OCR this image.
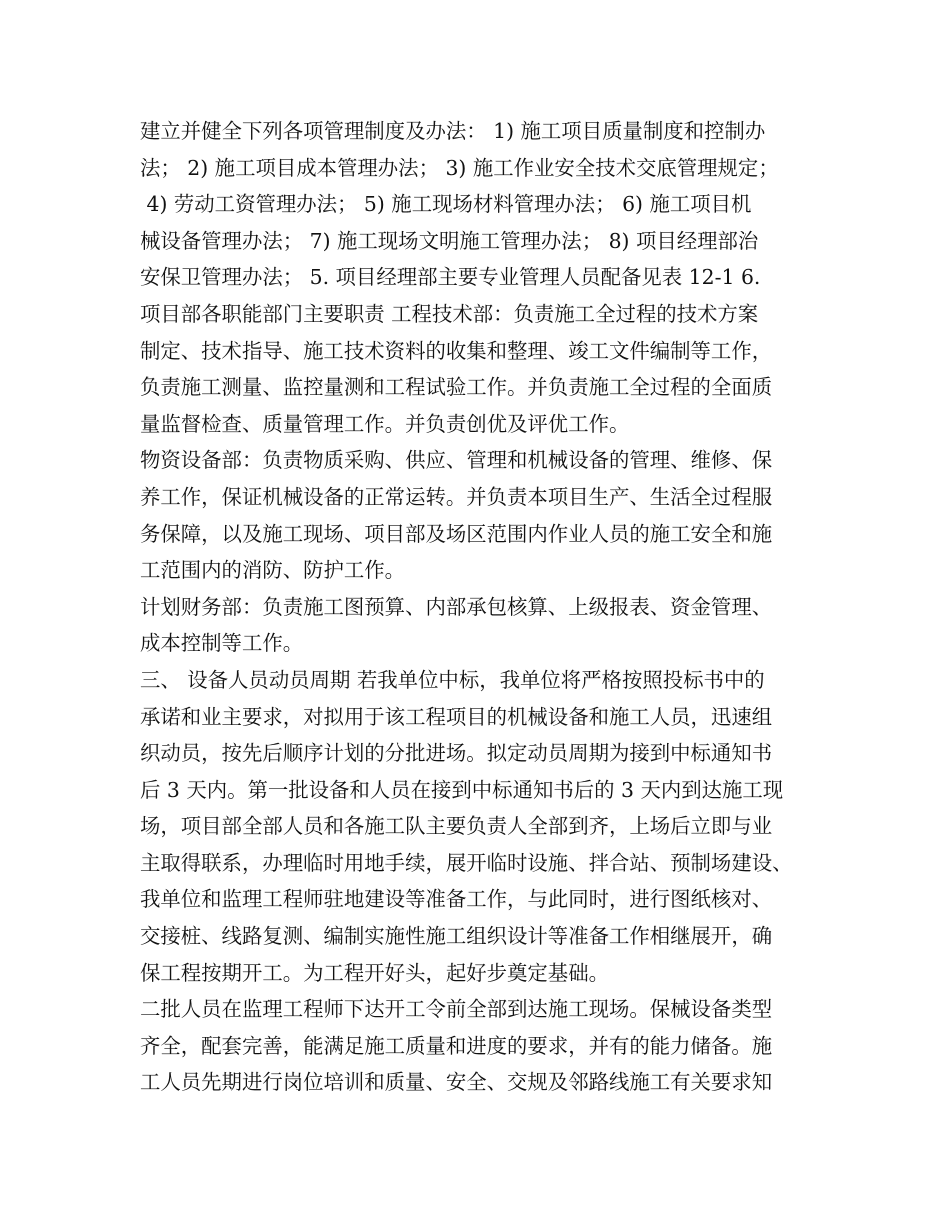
建立并健全下列各项管理制度及办法： 1) 施工项目质量制度和控制办
法； 2) 施工项目成本管理办法； 3) 施工作业安全技术交底管理规定；
4) 劳动工资管理办法； 5) 施工现场材料管理办法； 6) 施工项目机
械设备管理办法； 7) 施工现场文明施工管理办法； 8) 项目经理部治
安保卫管理办法； 5. 项目经理部主要专业管理人员配备见表 12-1 6.
项目部各职能部门主要职责 工程技术部：负责施工全过程的技术方案
制定、技术指导、施工技术资料的收集和整理、竣工文件编制等工作，
负责施工测量、监控量测和工程试验工作。并负责施工全过程的全面质
量监督检查、质量管理工作。并负责创优及评优工作。
物资设备部：负责物质采购、供应、管理和机械设备的管理、维修、保
养工作，保证机械设备的正常运转。并负责本项目生产、生活全过程服
务保障，以及施工现场、项目部及场区范围内作业人员的施工安全和施
工范围内的消防、防护工作。
计划财务部：负责施工图预算、内部承包核算、上级报表、资金管理、
成本控制等工作。
三、 设备人员动员周期 若我单位中标，我单位将严格按照投标书中的
承诺和业主要求，对拟用于该工程项目的机械设备和施工人员，迅速组
织动员，按先后顺序计划的分批进场。拟定动员周期为接到中标通知书
后 3 天内。第一批设备和人员在接到中标通知书后的 3 天内到达施工现
场，项目部全部人员和各施工队主要负责人全部到齐，上场后立即与业
主取得联系，办理临时用地手续，展开临时设施、拌合站、预制场建设、
我单位和监理工程师驻地建设等准备工作，与此同时，进行图纸核对、
交接桩、线路复测、编制实施性施工组织设计等准备工作相继展开，确
保工程按期开工。为工程开好头，起好步奠定基础。
二批人员在监理工程师下达开工令前全部到达施工现场。保械设备类型
齐全，配套完善，能满足施工质量和进度的要求，并有的能力储备。施
工人员先期进行岗位培训和质量、安全、交规及邻路线施工有关要求知
